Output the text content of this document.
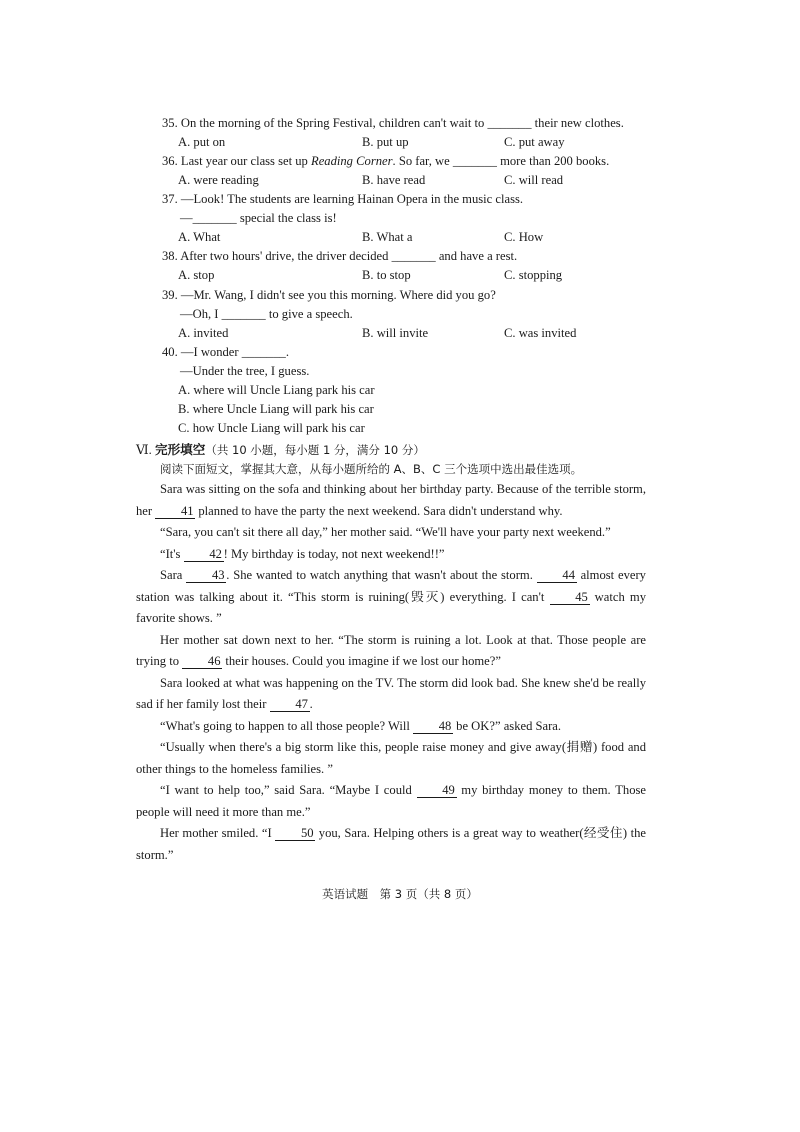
35. On the morning of the Spring Festival, children can't wait to _______ their new clothes.
A. put on	B. put up	C. put away
36. Last year our class set up Reading Corner. So far, we _______ more than 200 books.
A. were reading	B. have read	C. will read
37. —Look! The students are learning Hainan Opera in the music class.
—_______ special the class is!
A. What	B. What a	C. How
38. After two hours' drive, the driver decided _______ and have a rest.
A. stop	B. to stop	C. stopping
39. —Mr. Wang, I didn't see you this morning. Where did you go?
—Oh, I _______ to give a speech.
A. invited	B. will invite	C. was invited
40. —I wonder _______.
—Under the tree, I guess.
A. where will Uncle Liang park his car
B. where Uncle Liang will park his car
C. how Uncle Liang will park his car
Ⅵ. 完形填空（共 10 小题，每小题 1 分，满分 10 分）
阅读下面短文，掌握其大意，从每小题所给的 A、B、C 三个选项中选出最佳选项。

Sara was sitting on the sofa and thinking about her birthday party. Because of the terrible storm, her 41 planned to have the party the next weekend. Sara didn't understand why.

“Sara, you can't sit there all day,” her mother said. “We'll have your party next weekend.”

“It's 42 ! My birthday is today, not next weekend!!”

Sara 43 . She wanted to watch anything that wasn't about the storm. 44 almost every station was talking about it. “This storm is ruining(毁灭) everything. I can't 45 watch my favorite shows. ”

Her mother sat down next to her. “The storm is ruining a lot. Look at that. Those people are trying to 46 their houses. Could you imagine if we lost our home?”

Sara looked at what was happening on the TV. The storm did look bad. She knew she'd be really sad if her family lost their 47 .

“What's going to happen to all those people? Will 48 be OK?” asked Sara.

“Usually when there's a big storm like this, people raise money and give away(捐赠) food and other things to the homeless families. ”

“I want to help too,” said Sara. “Maybe I could 49 my birthday money to them. Those people will need it more than me.”

Her mother smiled. “I 50 you, Sara. Helping others is a great way to weather(经受住) the storm.”

英语试题　第 3 页（共 8 页）
